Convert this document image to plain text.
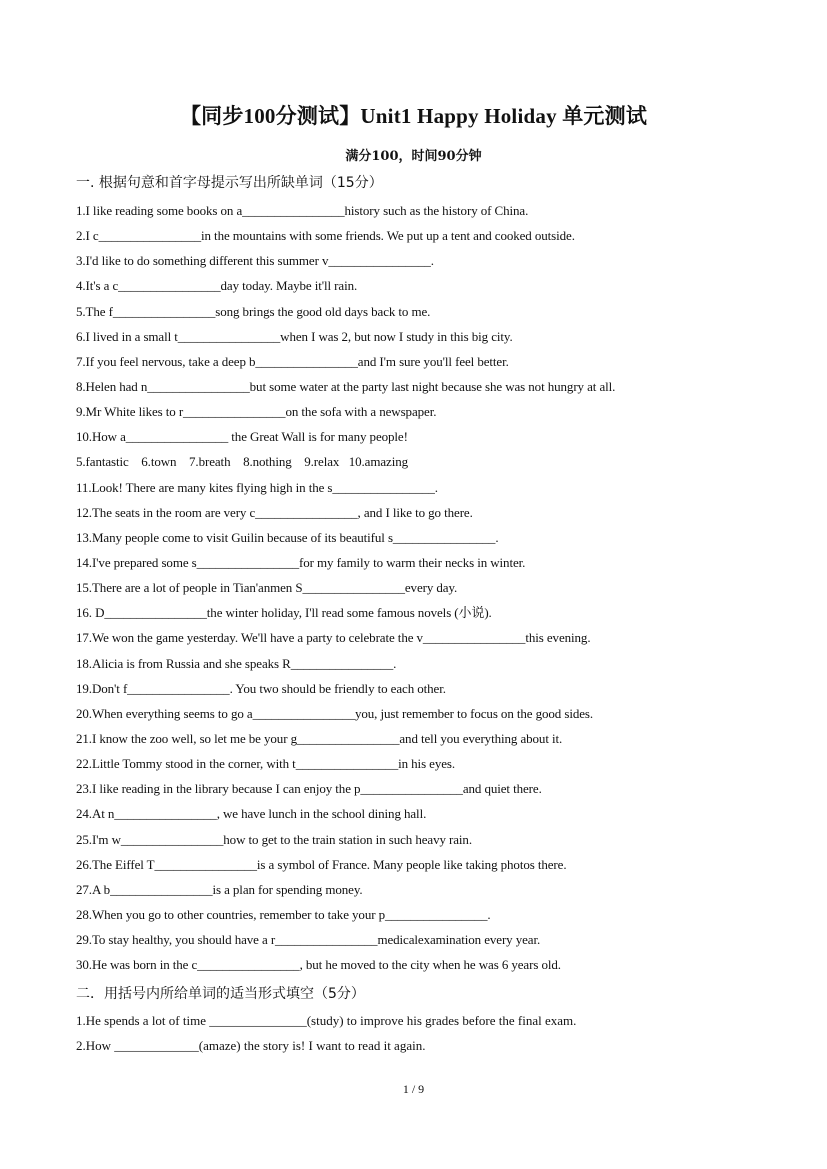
【同步100分测试】Unit1 Happy Holiday 单元测试
满分100，时间90分钟
一. 根据句意和首字母提示写出所缺单词（15分）
1.I like reading some books on a________________history such as the history of China.
2.I c________________in the mountains with some friends. We put up a tent and cooked outside.
3.I'd like to do something different this summer v________________.
4.It's a c________________day today. Maybe it'll rain.
5.The f________________song brings the good old days back to me.
6.I lived in a small t________________when I was 2, but now I study in this big city.
7.If you feel nervous, take a deep b________________and I'm sure you'll feel better.
8.Helen had n________________but some water at the party last night because she was not hungry at all.
9.Mr White likes to r________________on the sofa with a newspaper.
10.How a________________ the Great Wall is for many people!
5.fantastic    6.town    7.breath    8.nothing    9.relax   10.amazing
11.Look! There are many kites flying high in the s________________.
12.The seats in the room are very c________________, and I like to go there.
13.Many people come to visit Guilin because of its beautiful s________________.
14.I've prepared some s________________for my family to warm their necks in winter.
15.There are a lot of people in Tian'anmen S________________every day.
16. D________________the winter holiday, I'll read some famous novels (小说).
17.We won the game yesterday. We'll have a party to celebrate the v________________this evening.
18.Alicia is from Russia and she speaks R________________.
19.Don't f________________. You two should be friendly to each other.
20.When everything seems to go a________________you, just remember to focus on the good sides.
21.I know the zoo well, so let me be your g________________and tell you everything about it.
22.Little Tommy stood in the corner, with t________________in his eyes.
23.I like reading in the library because I can enjoy the p________________and quiet there.
24.At n________________, we have lunch in the school dining hall.
25.I'm w________________how to get to the train station in such heavy rain.
26.The Eiffel T________________is a symbol of France. Many people like taking photos there.
27.A b________________is a plan for spending money.
28.When you go to other countries, remember to take your p________________.
29.To stay healthy, you should have a r________________medicalexamination every year.
30.He was born in the c________________, but he moved to the city when he was 6 years old.
二．用括号内所给单词的适当形式填空（5分）
1.He spends a lot of time _______________(study) to improve his grades before the final exam.
2.How _____________(amaze) the story is! I want to read it again.
1 / 9
